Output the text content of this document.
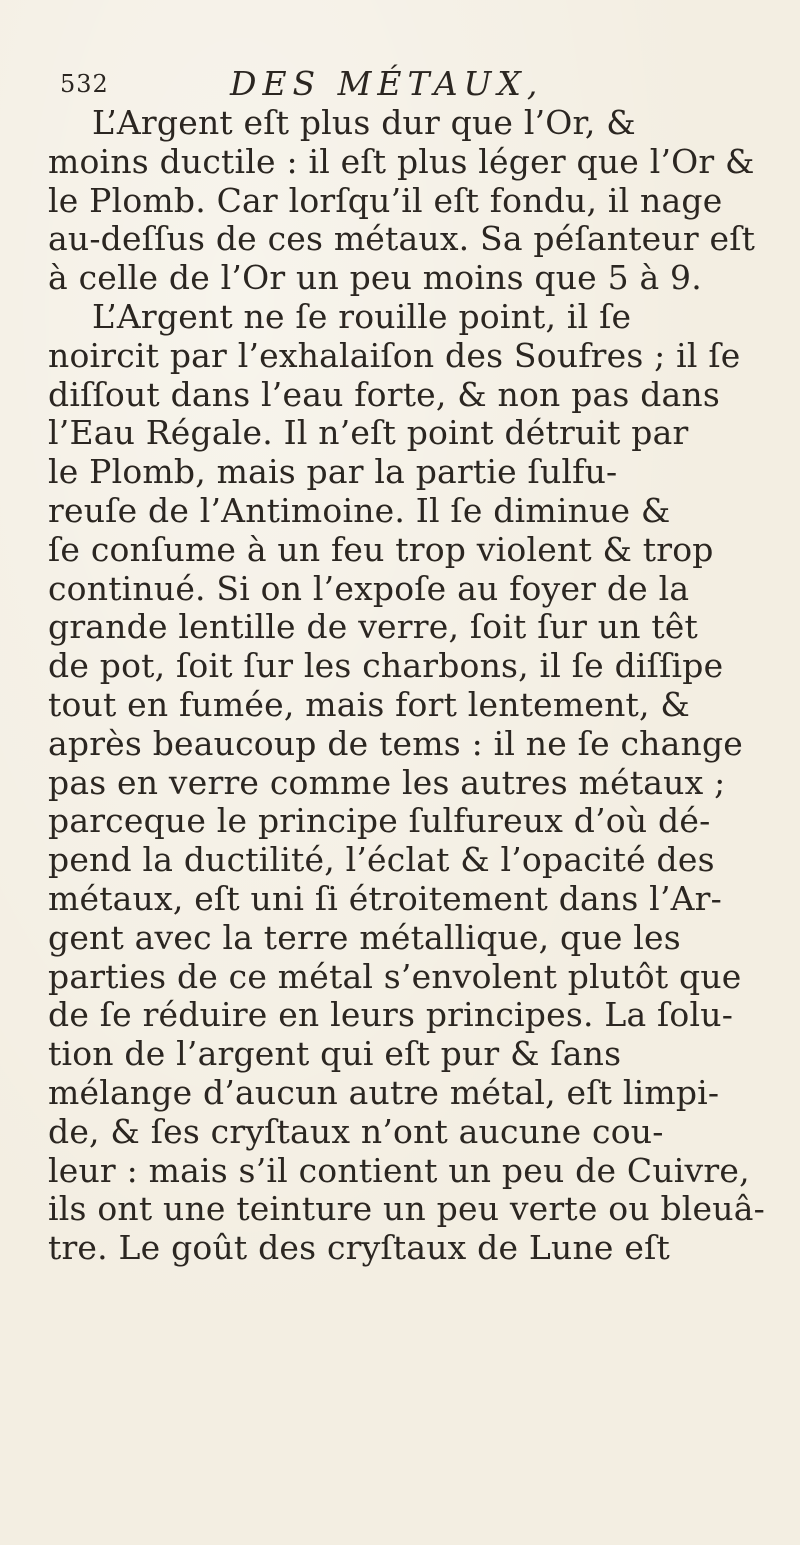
532	DES MÉTAUX,
L’Argent eſt plus dur que l’Or, &
moins ductile : il eſt plus léger que l’Or &
le Plomb. Car lorſqu’il eſt fondu, il nage
au-deſſus de ces métaux. Sa péſanteur eſt
à celle de l’Or un peu moins que 5 à 9.
L’Argent ne ſe rouille point, il ſe
noircit par l’exhalaiſon des Soufres ; il ſe
diſſout dans l’eau forte, & non pas dans
l’Eau Régale. Il n’eſt point détruit par
le Plomb, mais par la partie ſulfu-
reuſe de l’Antimoine. Il ſe diminue &
ſe conſume à un feu trop violent & trop
continué. Si on l’expoſe au foyer de la
grande lentille de verre, ſoit ſur un têt
de pot, ſoit ſur les charbons, il ſe diſſipe
tout en fumée, mais fort lentement, &
après beaucoup de tems : il ne ſe change
pas en verre comme les autres métaux ;
parceque le principe ſulfureux d’où dé-
pend la ductilité, l’éclat & l’opacité des
métaux, eſt uni ſi étroitement dans l’Ar-
gent avec la terre métallique, que les
parties de ce métal s’envolent plutôt que
de ſe réduire en leurs principes. La ſolu-
tion de l’argent qui eſt pur & ſans
mélange d’aucun autre métal, eſt limpi-
de, & ſes cryſtaux n’ont aucune cou-
leur : mais s’il contient un peu de Cuivre,
ils ont une teinture un peu verte ou bleuâ-
tre. Le goût des cryſtaux de Lune eſt
